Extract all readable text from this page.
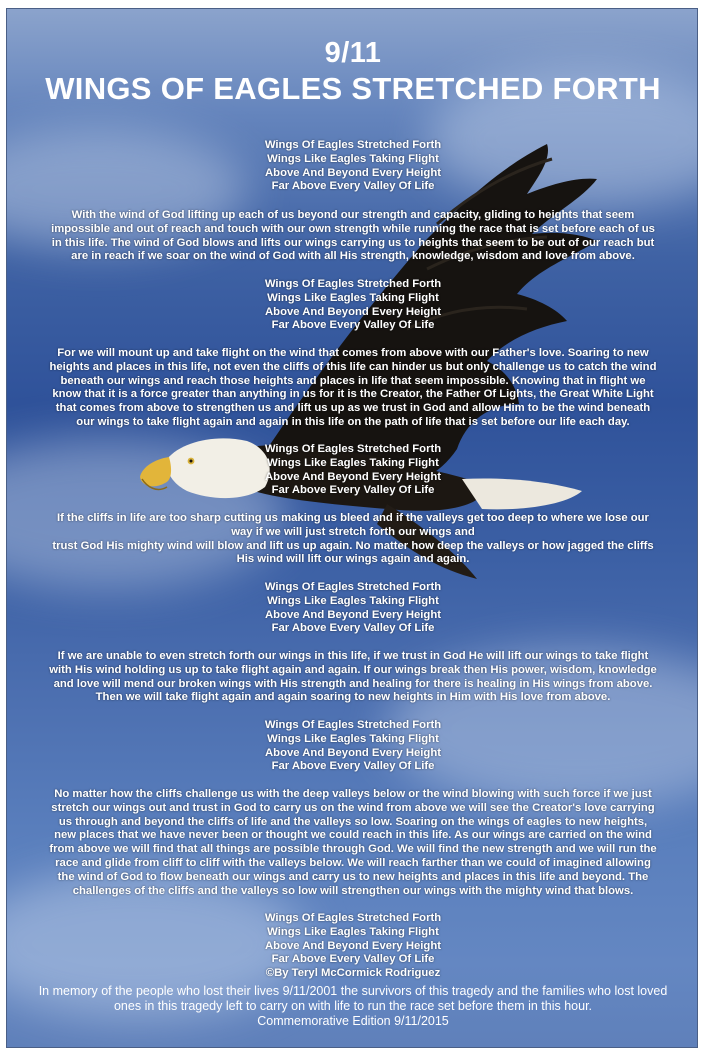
9/11
WINGS OF EAGLES STRETCHED FORTH
Wings Of Eagles Stretched Forth
Wings Like Eagles Taking Flight
Above And Beyond Every Height
Far Above Every Valley Of Life
With the wind of God lifting up each of us beyond our strength and capacity, gliding to heights that seem
impossible and out of reach and touch with our own strength while running the race that is set before each of us
in this life. The wind of God blows and lifts our wings carrying us to heights that seem to be out of our reach but
are in reach if we soar on the wind of God with all His strength, knowledge, wisdom and love from above.
Wings Of Eagles Stretched Forth
Wings Like Eagles Taking Flight
Above And Beyond Every Height
Far Above Every Valley Of Life
For we will mount up and take flight on the wind that comes from above with our Father's love. Soaring to new
heights and places in this life, not even the cliffs of this life can hinder us but only challenge us to catch the wind
beneath our wings and reach those heights and places in life that seem impossible. Knowing that in flight we
know that it is a force greater than anything in us for it is the Creator, the Father Of Lights, the Great White Light
that comes from above to strengthen us and lift us up as we trust in God and allow Him to be the wind beneath
our wings to take flight again and again in this life on the path of life that is set before our life each day.
Wings Of Eagles Stretched Forth
Wings Like Eagles Taking Flight
Above And Beyond Every Height
Far Above Every Valley Of Life
If the cliffs in life are too sharp cutting us making us bleed and if the valleys get too deep to where we lose our
way if we will just stretch forth our wings and
trust God His mighty wind will blow and lift us up again. No matter how deep the valleys or how jagged the cliffs
His wind will lift our wings again and again.
Wings Of Eagles Stretched Forth
Wings Like Eagles Taking Flight
Above And Beyond Every Height
Far Above Every Valley Of Life
If we are unable to even stretch forth our wings in this life, if we trust in God He will lift our wings to take flight
with His wind holding us up to take flight again and again. If our wings break then His power, wisdom, knowledge
and love will mend our broken wings with His strength and healing for there is healing in His wings from above.
Then we will take flight again and again soaring to new heights in Him with His love from above.
Wings Of Eagles Stretched Forth
Wings Like Eagles Taking Flight
Above And Beyond Every Height
Far Above Every Valley Of Life
No matter how the cliffs challenge us with the deep valleys below or the wind blowing with such force if we just
stretch our wings out and trust in God to carry us on the wind from above we will see the Creator's love carrying
us through and beyond the cliffs of life and the valleys so low. Soaring on the wings of eagles to new heights,
new places that we have never been or thought we could reach in this life. As our wings are carried on the wind
from above we will find that all things are possible through God. We will find the new strength and we will run the
race and glide from cliff to cliff with the valleys below. We will reach farther than we could of imagined allowing
the wind of God to flow beneath our wings and carry us to new heights and places in this life and beyond. The
challenges of the cliffs and the valleys so low will strengthen our wings with the mighty wind that blows.
Wings Of Eagles Stretched Forth
Wings Like Eagles Taking Flight
Above And Beyond Every Height
Far Above Every Valley Of Life
©By Teryl McCormick Rodriguez
In memory of the people who lost their lives 9/11/2001 the survivors of this tragedy and the families who lost loved
ones in this tragedy left to carry on with life to run the race set before them in this hour.
Commemorative Edition 9/11/2015
